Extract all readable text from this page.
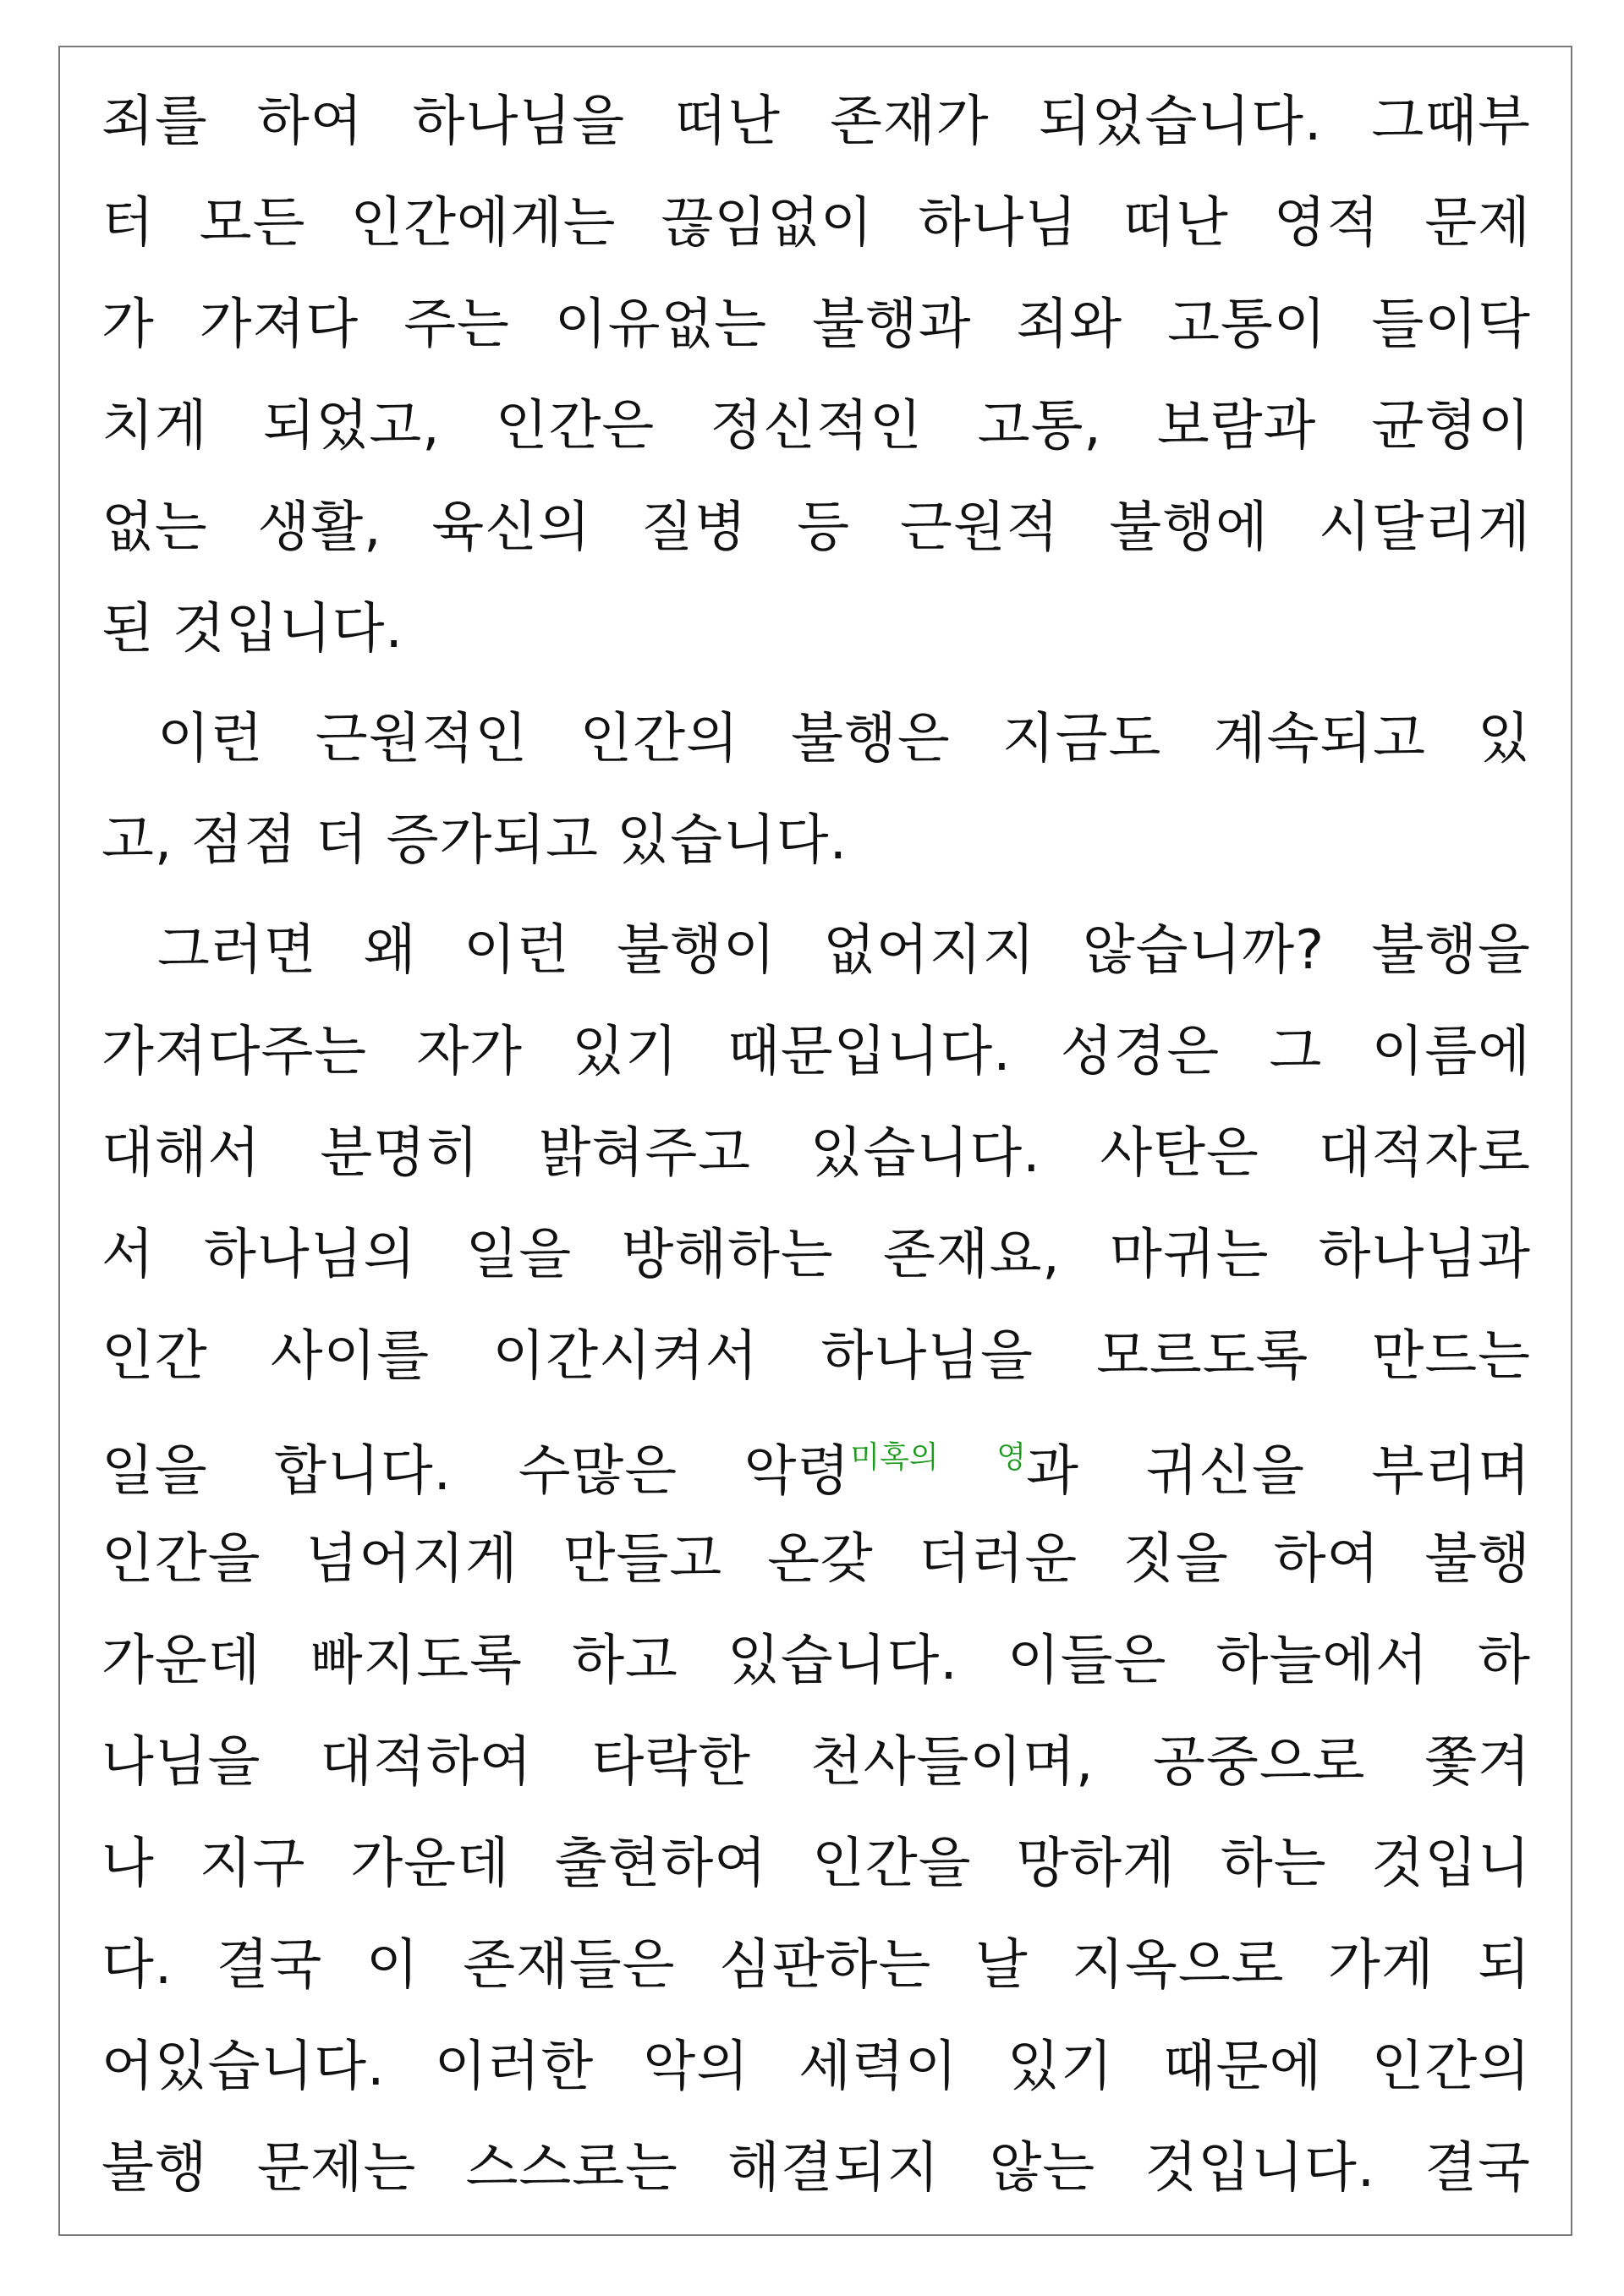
죄를 하여 하나님을 떠난 존재가 되었습니다. 그때부
터 모든 인간에게는 끊임없이 하나님 떠난 영적 문제
가 가져다 주는 이유없는 불행과 죄와 고통이 들이닥
치게 되었고, 인간은 정신적인 고통, 보람과 균형이
없는 생활, 육신의 질병 등 근원적 불행에 시달리게
된 것입니다.
이런 근원적인 인간의 불행은 지금도 계속되고 있
고, 점점 더 증가되고 있습니다.
그러면 왜 이런 불행이 없어지지 않습니까? 불행을
가져다주는 자가 있기 때문입니다. 성경은 그 이름에
대해서 분명히 밝혀주고 있습니다. 사탄은 대적자로
서 하나님의 일을 방해하는 존재요, 마귀는 하나님과
인간 사이를 이간시켜서 하나님을 모르도록 만드는
일을 합니다. 수많은 악령$^{미혹의 영}$과 귀신을 부리며
인간을 넘어지게 만들고 온갖 더러운 짓을 하여 불행
가운데 빠지도록 하고 있습니다. 이들은 하늘에서 하
나님을 대적하여 타락한 천사들이며, 공중으로 쫓겨
나 지구 가운데 출현하여 인간을 망하게 하는 것입니
다. 결국 이 존재들은 심판하는 날 지옥으로 가게 되
어있습니다. 이러한 악의 세력이 있기 때문에 인간의
불행 문제는 스스로는 해결되지 않는 것입니다. 결국
